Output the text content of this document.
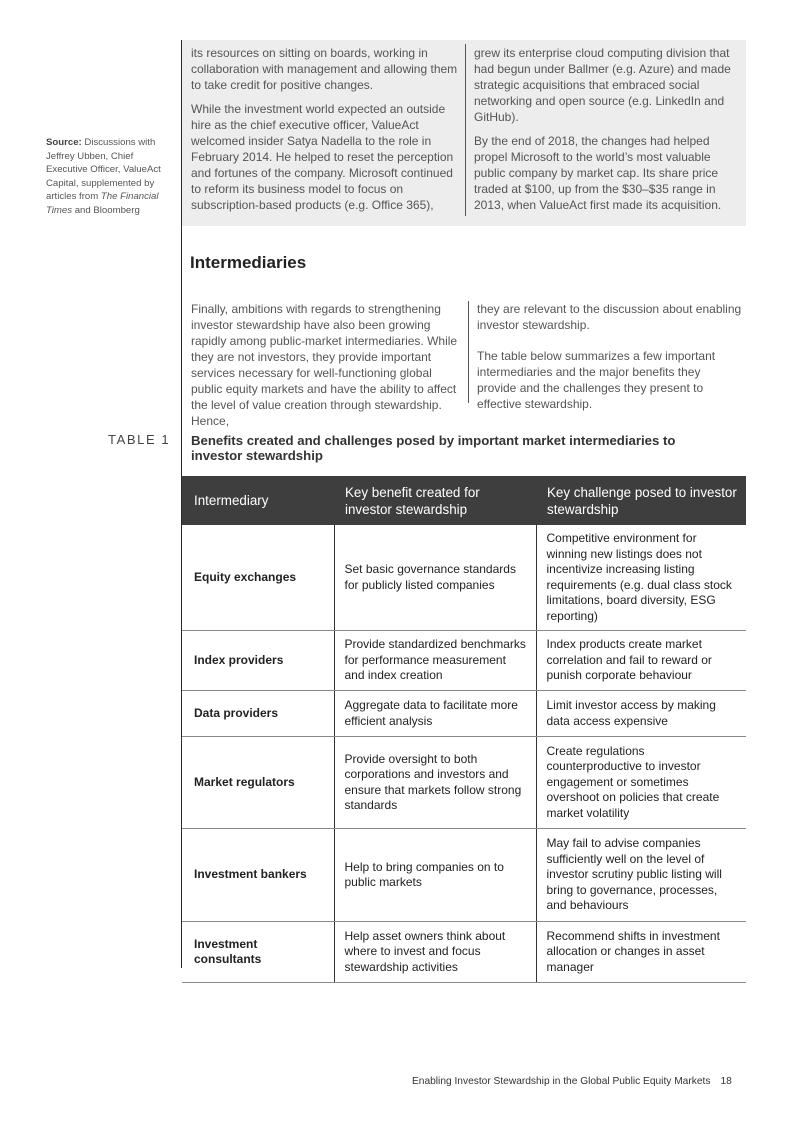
Source: Discussions with Jeffrey Ubben, Chief Executive Officer, ValueAct Capital, supplemented by articles from The Financial Times and Bloomberg

its resources on sitting on boards, working in collaboration with management and allowing them to take credit for positive changes.

While the investment world expected an outside hire as the chief executive officer, ValueAct welcomed insider Satya Nadella to the role in February 2014. He helped to reset the perception and fortunes of the company. Microsoft continued to reform its business model to focus on subscription-based products (e.g. Office 365),

grew its enterprise cloud computing division that had begun under Ballmer (e.g. Azure) and made strategic acquisitions that embraced social networking and open source (e.g. LinkedIn and GitHub).

By the end of 2018, the changes had helped propel Microsoft to the world’s most valuable public company by market cap. Its share price traded at $100, up from the $30–$35 range in 2013, when ValueAct first made its acquisition.

Intermediaries

Finally, ambitions with regards to strengthening investor stewardship have also been growing rapidly among public-market intermediaries. While they are not investors, they provide important services necessary for well-functioning global public equity markets and have the ability to affect the level of value creation through stewardship. Hence,

they are relevant to the discussion about enabling investor stewardship.

The table below summarizes a few important intermediaries and the major benefits they provide and the challenges they present to effective stewardship.

TABLE 1 Benefits created and challenges posed by important market intermediaries to investor stewardship
Intermediary	Key benefit created for investor stewardship	Key challenge posed to investor stewardship
Equity exchanges	Set basic governance standards for publicly listed companies	Competitive environment for winning new listings does not incentivize increasing listing requirements (e.g. dual class stock limitations, board diversity, ESG reporting)
Index providers	Provide standardized benchmarks for performance measurement and index creation	Index products create market correlation and fail to reward or punish corporate behaviour
Data providers	Aggregate data to facilitate more efficient analysis	Limit investor access by making data access expensive
Market regulators	Provide oversight to both corporations and investors and ensure that markets follow strong standards	Create regulations counterproductive to investor engagement or sometimes overshoot on policies that create market volatility
Investment bankers	Help to bring companies on to public markets	May fail to advise companies sufficiently well on the level of investor scrutiny public listing will bring to governance, processes, and behaviours
Investment consultants	Help asset owners think about where to invest and focus stewardship activities	Recommend shifts in investment allocation or changes in asset manager
Enabling Investor Stewardship in the Global Public Equity Markets 18
